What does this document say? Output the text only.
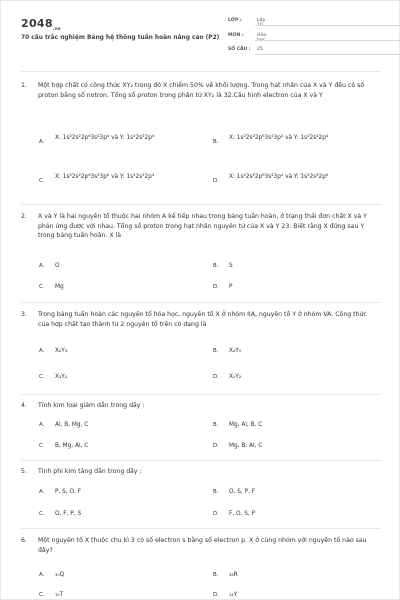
$2048_{.vn}$
70 câu trắc nghiệm Bảng hệ thống tuần hoàn nâng cao (P2)
LỚP :	Lớp
MÔN :	Hóa
SỐ CÂU :	25
1. Một hợp chất có công thức XY₂ trong đó X chiếm 50% về khối lượng. Trong hạt nhân của X và Y đều có số proton bằng số notron. Tổng số proton trong phân tử XY₂ là 32.Cấu hình electron của X và Y
A.
X: 1s²2s²2p⁶3s²3p⁴ và Y: 1s²2s²2p⁴
B.
X: 1s²2s²2p⁶3s²3p³ và Y: 1s²2s²2p⁴
C.
X: 1s²2s²2p⁶3s²3p⁶ và Y: 1s²2s²2p⁴
D.
X: 1s²2s²2p⁶3s²3p⁴ và Y: 1s²2s²2p⁶
2. X và Y là hai nguyên tố thuộc hai nhóm A kế tiếp nhau trong bảng tuần hoàn, ở trạng thái đơn chất X và Y phản ứng được với nhau. Tổng số proton trong hạt nhân nguyên tử của X và Y 23. Biết rằng X đứng sau Y trong bảng tuần hoàn. X là
A. O	B. S
C. Mg	D. P
3. Trong bảng tuần hoàn các nguyên tố hóa học, nguyên tố X ở nhóm IIA, nguyên tố Y ở nhóm VA. Công thức của hợp chất tạo thành từ 2 nguyên tố trên có dạng là
A. X₂Y₃	B. X₂Y₅
C. X₃Y₂	D. X₅Y₂
4. Tính kim loại giảm dần trong dãy :
A. Al, B, Mg, C	B. Mg, Al, B, C
C. B, Mg, Al, C	D. Mg, B, Al, C
5. Tính phi kim tăng dần trong dãy :
A. P, S, O, F	B. O, S, P, F
C. O, F, P, S	D. F, O, S, P
6. Một nguyên tố X thuộc chu kì 3 có số electron s bằng số electron p. X ở cùng nhóm với nguyên tố nào sau đây?
A. ₃₀Q	B. ₃₈R
C. ₁₉T	D. ₁₄Y
